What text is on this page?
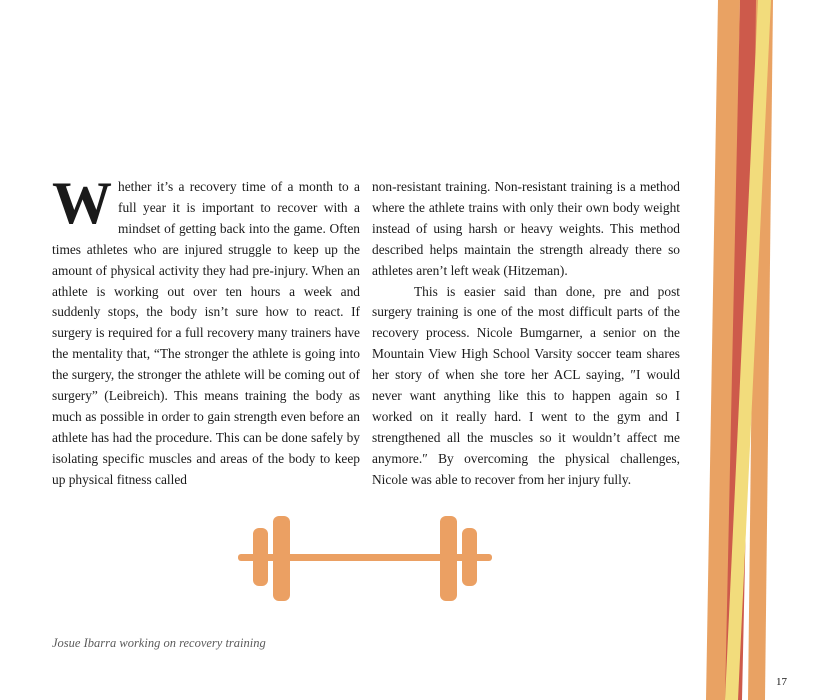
Whether it’s a recovery time of a month to a full year it is important to recover with a mindset of getting back into the game. Often times athletes who are injured struggle to keep up the amount of physical activity they had pre-injury. When an athlete is working out over ten hours a week and suddenly stops, the body isn’t sure how to react. If surgery is required for a full recovery many trainers have the mentality that, “The stronger the athlete is going into the surgery, the stronger the athlete will be coming out of surgery” (Leibreich). This means training the body as much as possible in order to gain strength even before an athlete has had the procedure. This can be done safely by isolating specific muscles and areas of the body to keep up physical fitness called

non-resistant training. Non-resistant training is a method where the athlete trains with only their own body weight instead of using harsh or heavy weights. This method described helps maintain the strength already there so athletes aren’t left weak (Hitzeman).

This is easier said than done, pre and post surgery training is one of the most difficult parts of the recovery process. Nicole Bumgarner, a senior on the Mountain View High School Varsity soccer team shares her story of when she tore her ACL saying, ″I would never want anything like this to happen again so I worked on it really hard. I went to the gym and I strengthened all the muscles so it wouldn’t affect me anymore.″ By overcoming the physical challenges, Nicole was able to recover from her injury fully.

Josue Ibarra working on recovery training
17
